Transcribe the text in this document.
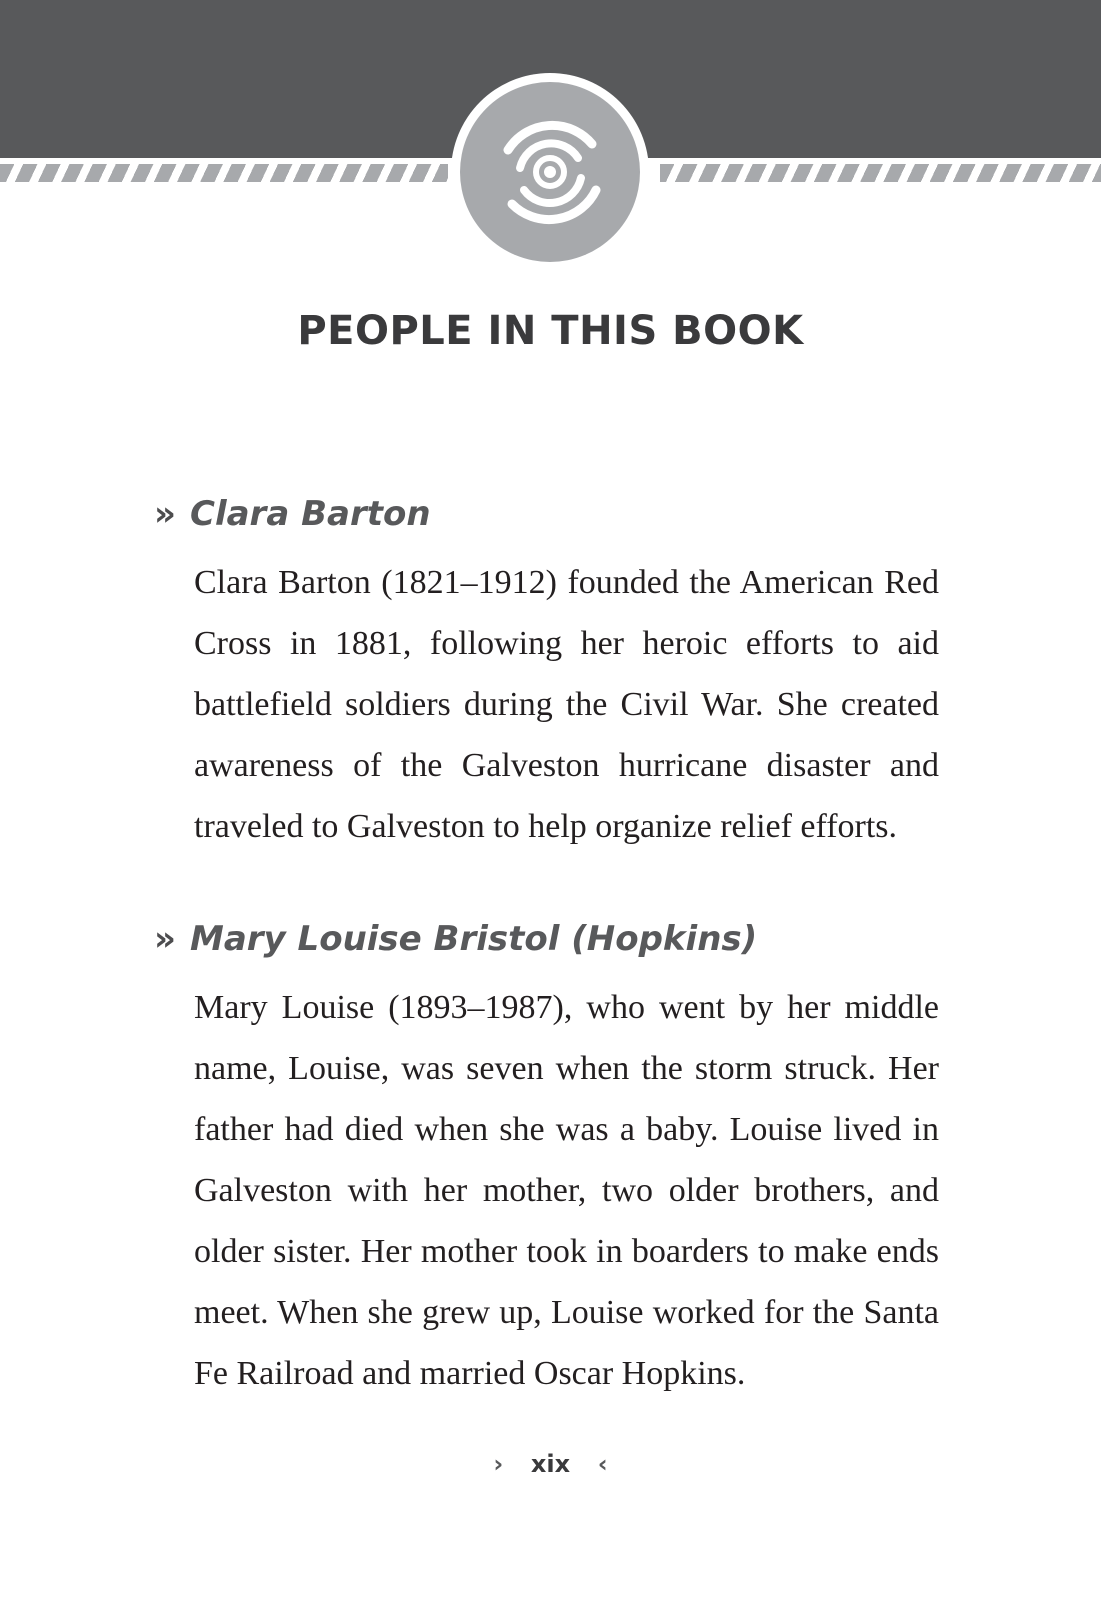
PEOPLE IN THIS BOOK
» Clara Barton

Clara Barton (1821–1912) founded the American Red Cross in 1881, following her heroic efforts to aid battlefield soldiers during the Civil War. She created awareness of the Galveston hurricane disaster and traveled to Galveston to help organize relief efforts.

» Mary Louise Bristol (Hopkins)

Mary Louise (1893–1987), who went by her middle name, Louise, was seven when the storm struck. Her father had died when she was a baby. Louise lived in Galveston with her mother, two older brothers, and older sister. Her mother took in boarders to make ends meet. When she grew up, Louise worked for the Santa Fe Railroad and married Oscar Hopkins.

› xix ‹
